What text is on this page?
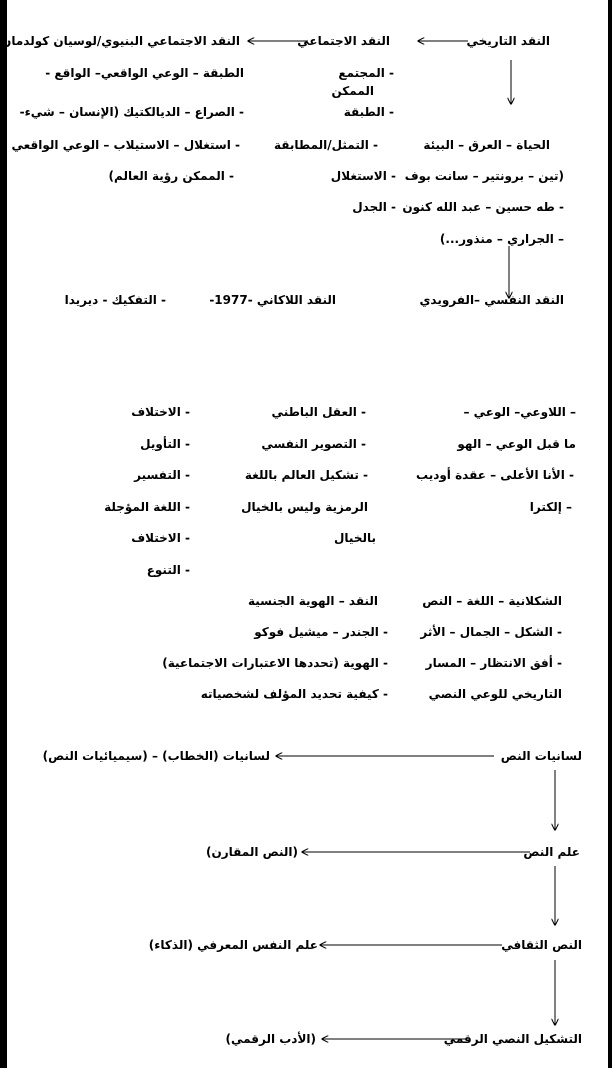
النقد التاريخي
النقد الاجتماعي
النقد الاجتماعي البنيوي/لوسيان كولدمان
- المجتمع
الممكن
- الطبقة
- التمثل/المطابقة
- الاستغلال
- الجدل
الطبقة – الوعي الواقعي– الواقع -
- الصراع – الديالكتيك (الإنسان – شيء-
- استغلال – الاستيلاب – الوعي الواقعي
- الممكن رؤية العالم)
الحياة – العرق – البيئة
(تين – برونتير – سانت بوف
- طه حسين – عبد الله كنون
– الجراري – منذور...)
النقد النفسي –الفرويدي
النقد اللاكاني -1977-
- التفكيك - ديريدا
– اللاوعي– الوعي –
ما قبل الوعي – الهو
- الأنا الأعلى – عقدة أوديب
– إلكترا
- العقل الباطني
- التصوير النفسي
- تشكيل العالم باللغة
الرمزية وليس بالخيال
بالخيال
- الاختلاف
- التأويل
- التفسير
- اللغة المؤجلة
- الاختلاف
- التنوع
الشكلانية – اللغة – النص
- الشكل – الجمال – الأثر
- أفق الانتظار – المسار
التاريخي للوعي النصي
النقد – الهوية الجنسية
- الجندر – ميشيل فوكو
- الهوية (تحددها الاعتبارات الاجتماعية)
- كيفية تحديد المؤلف لشخصياته
لسانيات النص
لسانيات (الخطاب) – (سيميائيات النص)
علم النص
(النص المقارن)
النص الثقافي
علم النفس المعرفي (الذكاء)
التشكيل النصي الرقمي
(الأدب الرقمي)
